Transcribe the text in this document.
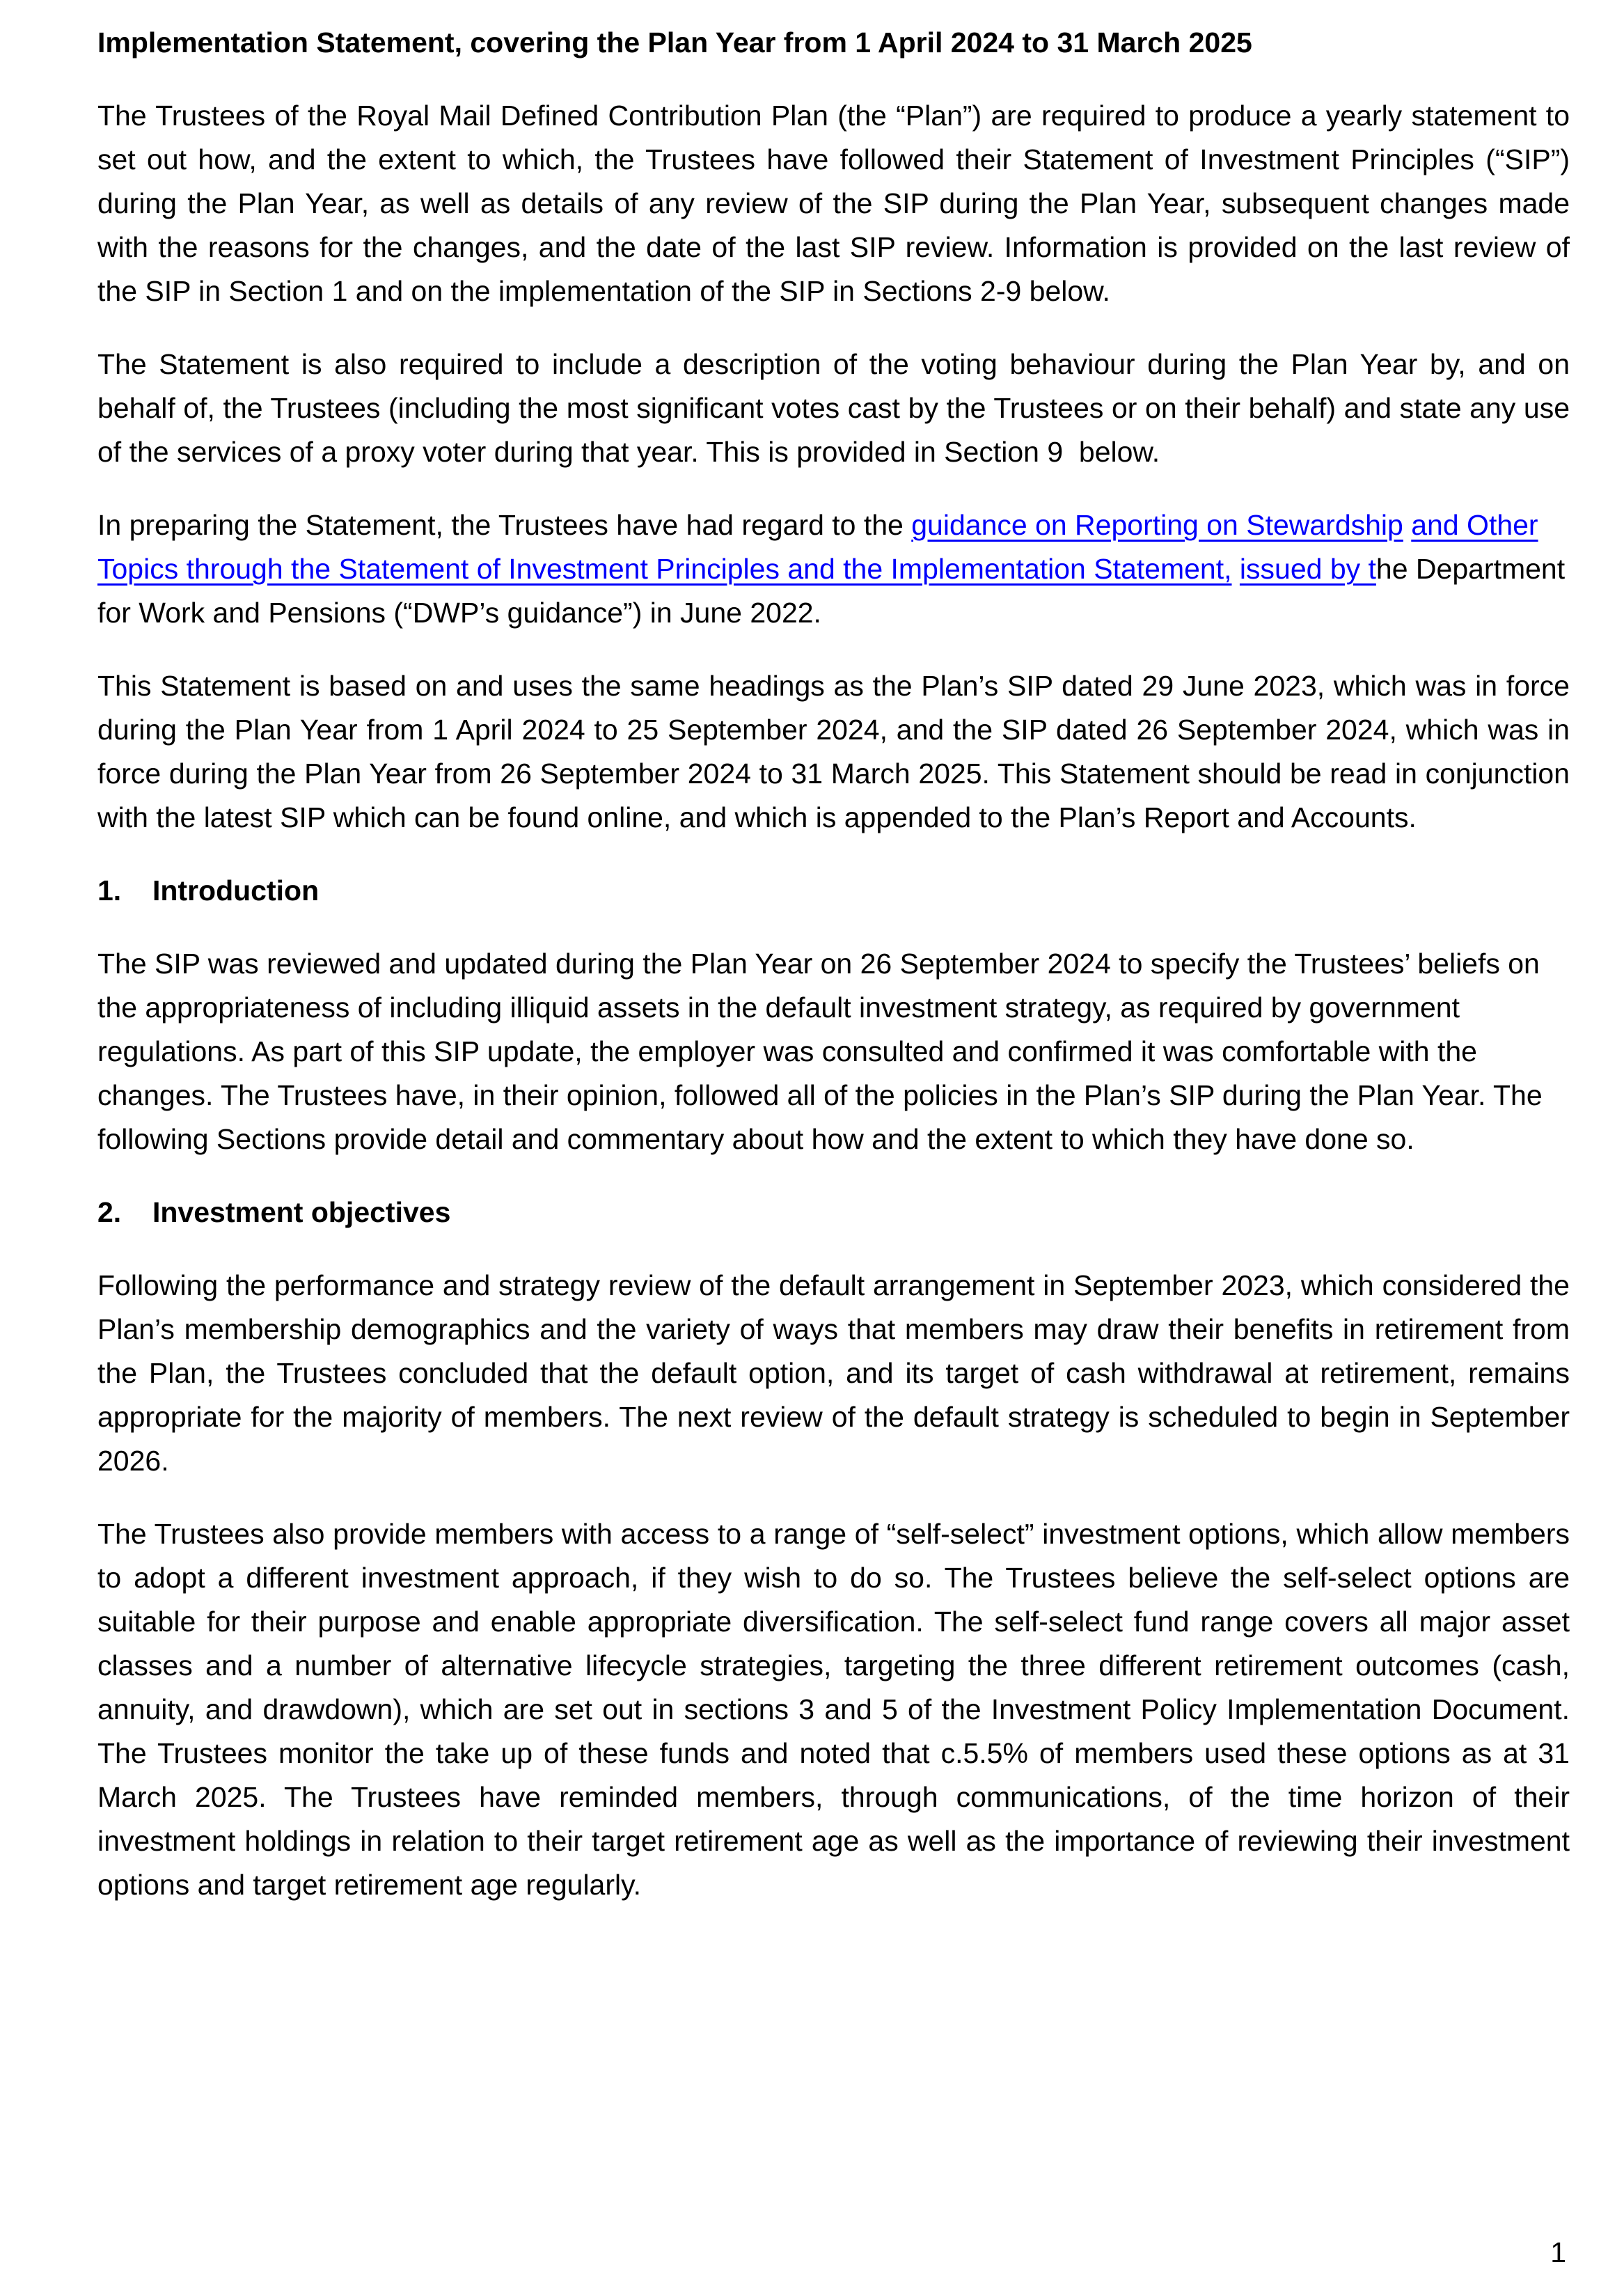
Implementation Statement, covering the Plan Year from 1 April 2024 to 31 March 2025

The Trustees of the Royal Mail Defined Contribution Plan (the “Plan”) are required to produce a yearly statement to set out how, and the extent to which, the Trustees have followed their Statement of Investment Principles (“SIP”) during the Plan Year, as well as details of any review of the SIP during the Plan Year, subsequent changes made with the reasons for the changes, and the date of the last SIP review. Information is provided on the last review of the SIP in Section 1 and on the implementation of the SIP in Sections 2-9 below.

The Statement is also required to include a description of the voting behaviour during the Plan Year by, and on behalf of, the Trustees (including the most significant votes cast by the Trustees or on their behalf) and state any use of the services of a proxy voter during that year. This is provided in Section 9  below.

In preparing the Statement, the Trustees have had regard to the guidance on Reporting on Stewardship and Other Topics through the Statement of Investment Principles and the Implementation Statement, issued by the Department for Work and Pensions (“DWP’s guidance”) in June 2022.

This Statement is based on and uses the same headings as the Plan’s SIP dated 29 June 2023, which was in force during the Plan Year from 1 April 2024 to 25 September 2024, and the SIP dated 26 September 2024, which was in force during the Plan Year from 26 September 2024 to 31 March 2025. This Statement should be read in conjunction with the latest SIP which can be found online, and which is appended to the Plan’s Report and Accounts.

1. Introduction

The SIP was reviewed and updated during the Plan Year on 26 September 2024 to specify the Trustees’ beliefs on the appropriateness of including illiquid assets in the default investment strategy, as required by government regulations. As part of this SIP update, the employer was consulted and confirmed it was comfortable with the changes. The Trustees have, in their opinion, followed all of the policies in the Plan’s SIP during the Plan Year. The following Sections provide detail and commentary about how and the extent to which they have done so.

2. Investment objectives

Following the performance and strategy review of the default arrangement in September 2023, which considered the Plan’s membership demographics and the variety of ways that members may draw their benefits in retirement from the Plan, the Trustees concluded that the default option, and its target of cash withdrawal at retirement, remains appropriate for the majority of members. The next review of the default strategy is scheduled to begin in September 2026.

The Trustees also provide members with access to a range of “self-select” investment options, which allow members to adopt a different investment approach, if they wish to do so. The Trustees believe the self-select options are suitable for their purpose and enable appropriate diversification. The self-select fund range covers all major asset classes and a number of alternative lifecycle strategies, targeting the three different retirement outcomes (cash, annuity, and drawdown), which are set out in sections 3 and 5 of the Investment Policy Implementation Document. The Trustees monitor the take up of these funds and noted that c.5.5% of members used these options as at 31 March 2025. The Trustees have reminded members, through communications, of the time horizon of their investment holdings in relation to their target retirement age as well as the importance of reviewing their investment options and target retirement age regularly.

1
